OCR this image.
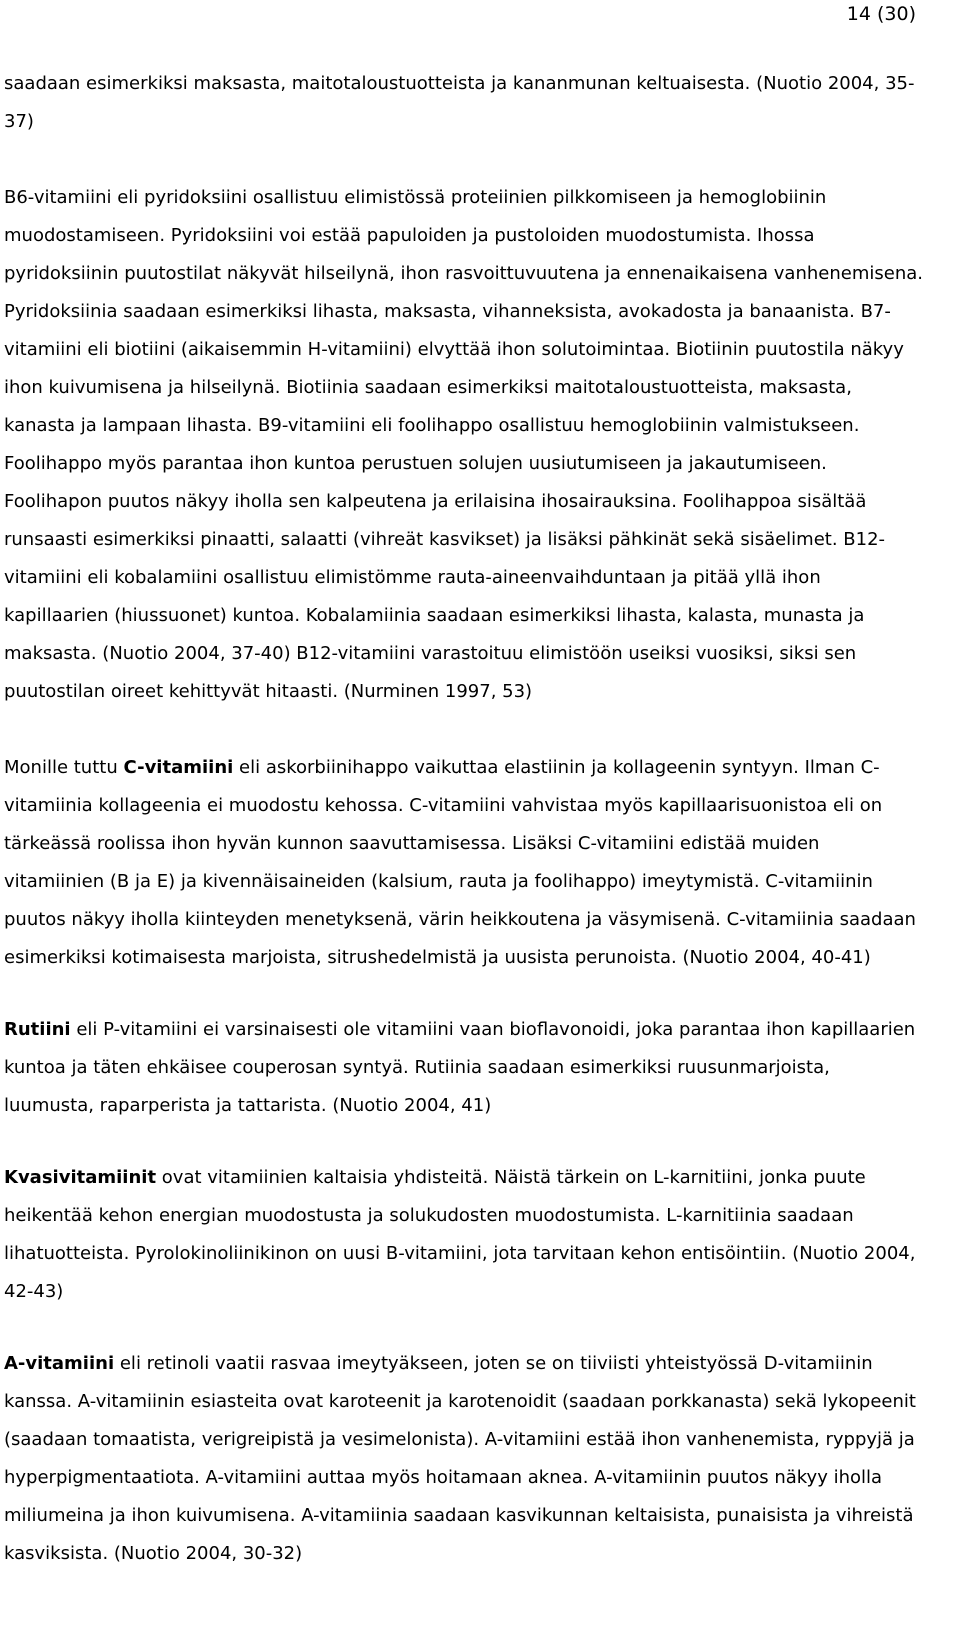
14 (30)
saadaan esimerkiksi maksasta, maitotaloustuotteista ja kananmunan keltuaisesta. (Nuotio 2004, 35-
37)
B6-vitamiini eli pyridoksiini osallistuu elimistössä proteiinien pilkkomiseen ja hemoglobiinin
muodostamiseen. Pyridoksiini voi estää papuloiden ja pustoloiden muodostumista. Ihossa
pyridoksiinin puutostilat näkyvät hilseilynä, ihon rasvoittuvuutena ja ennenaikaisena vanhenemisena.
Pyridoksiinia saadaan esimerkiksi lihasta, maksasta, vihanneksista, avokadosta ja banaanista. B7-
vitamiini eli biotiini (aikaisemmin H-vitamiini) elvyttää ihon solutoimintaa. Biotiinin puutostila näkyy
ihon kuivumisena ja hilseilynä. Biotiinia saadaan esimerkiksi maitotaloustuotteista, maksasta,
kanasta ja lampaan lihasta. B9-vitamiini eli foolihappo osallistuu hemoglobiinin valmistukseen.
Foolihappo myös parantaa ihon kuntoa perustuen solujen uusiutumiseen ja jakautumiseen.
Foolihapon puutos näkyy iholla sen kalpeutena ja erilaisina ihosairauksina. Foolihappoa sisältää
runsaasti esimerkiksi pinaatti, salaatti (vihreät kasvikset) ja lisäksi pähkinät sekä sisäelimet. B12-
vitamiini eli kobalamiini osallistuu elimistömme rauta-aineenvaihduntaan ja pitää yllä ihon
kapillaarien (hiussuonet) kuntoa. Kobalamiinia saadaan esimerkiksi lihasta, kalasta, munasta ja
maksasta. (Nuotio 2004, 37-40) B12-vitamiini varastoituu elimistöön useiksi vuosiksi, siksi sen
puutostilan oireet kehittyvät hitaasti. (Nurminen 1997, 53)
Monille tuttu C-vitamiini eli askorbiinihappo vaikuttaa elastiinin ja kollageenin syntyyn. Ilman C-
vitamiinia kollageenia ei muodostu kehossa. C-vitamiini vahvistaa myös kapillaarisuonistoa eli on
tärkeässä roolissa ihon hyvän kunnon saavuttamisessa. Lisäksi C-vitamiini edistää muiden
vitamiinien (B ja E) ja kivennäisaineiden (kalsium, rauta ja foolihappo) imeytymistä. C-vitamiinin
puutos näkyy iholla kiinteyden menetyksenä, värin heikkoutena ja väsymisenä. C-vitamiinia saadaan
esimerkiksi kotimaisesta marjoista, sitrushedelmistä ja uusista perunoista. (Nuotio 2004, 40-41)
Rutiini eli P-vitamiini ei varsinaisesti ole vitamiini vaan bioflavonoidi, joka parantaa ihon kapillaarien
kuntoa ja täten ehkäisee couperosan syntyä. Rutiinia saadaan esimerkiksi ruusunmarjoista,
luumusta, raparperista ja tattarista. (Nuotio 2004, 41)
Kvasivitamiinit ovat vitamiinien kaltaisia yhdisteitä. Näistä tärkein on L-karnitiini, jonka puute
heikentää kehon energian muodostusta ja solukudosten muodostumista. L-karnitiinia saadaan
lihatuotteista. Pyrolokinoliinikinon on uusi B-vitamiini, jota tarvitaan kehon entisöintiin. (Nuotio 2004,
42-43)
A-vitamiini eli retinoli vaatii rasvaa imeytyäkseen, joten se on tiiviisti yhteistyössä D-vitamiinin
kanssa. A-vitamiinin esiasteita ovat karoteenit ja karotenoidit (saadaan porkkanasta) sekä lykopeenit
(saadaan tomaatista, verigreipistä ja vesimelonista). A-vitamiini estää ihon vanhenemista, ryppyjä ja
hyperpigmentaatiota. A-vitamiini auttaa myös hoitamaan aknea. A-vitamiinin puutos näkyy iholla
miliumeina ja ihon kuivumisena. A-vitamiinia saadaan kasvikunnan keltaisista, punaisista ja vihreistä
kasviksista. (Nuotio 2004, 30-32)
